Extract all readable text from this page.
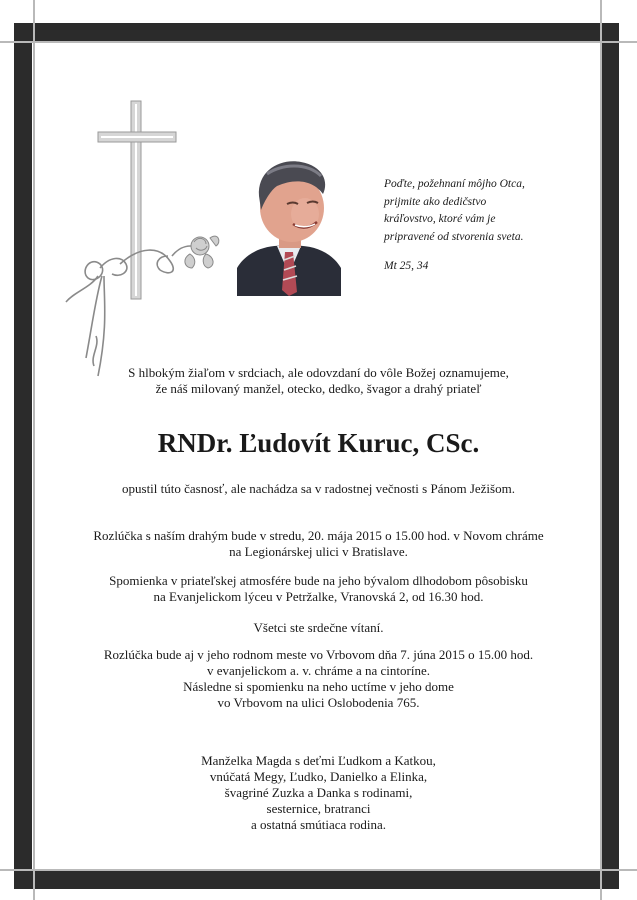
Poďte, požehnaní môjho Otca,

prijmite ako dedičstvo

kráľovstvo, ktoré vám je

pripravené od stvorenia sveta.

Mt 25, 34

S hlbokým žiaľom v srdciach, ale odovzdaní do vôle Božej oznamujeme,

že náš milovaný manžel, otecko, dedko, švagor a drahý priateľ

RNDr. Ľudovít Kuruc, CSc.

opustil túto časnosť, ale nachádza sa v radostnej večnosti s Pánom Ježišom.

Rozlúčka s naším drahým bude v stredu, 20. mája 2015 o 15.00 hod. v Novom chráme

na Legionárskej ulici v Bratislave.

Spomienka v priateľskej atmosfére bude na jeho bývalom dlhodobom pôsobisku

na Evanjelickom lýceu v Petržalke, Vranovská 2, od 16.30 hod.

Všetci ste srdečne vítaní.

Rozlúčka bude aj v jeho rodnom meste vo Vrbovom dňa 7. júna 2015 o 15.00 hod.

v evanjelickom a. v. chráme a na cintoríne.

Následne si spomienku na neho uctíme v jeho dome

vo Vrbovom na ulici Oslobodenia 765.

Manželka Magda s deťmi Ľudkom a Katkou,

vnúčatá Megy, Ľudko, Danielko a Elinka,

švagriné Zuzka a Danka s rodinami,

sesternice, bratranci

a ostatná smútiaca rodina.
